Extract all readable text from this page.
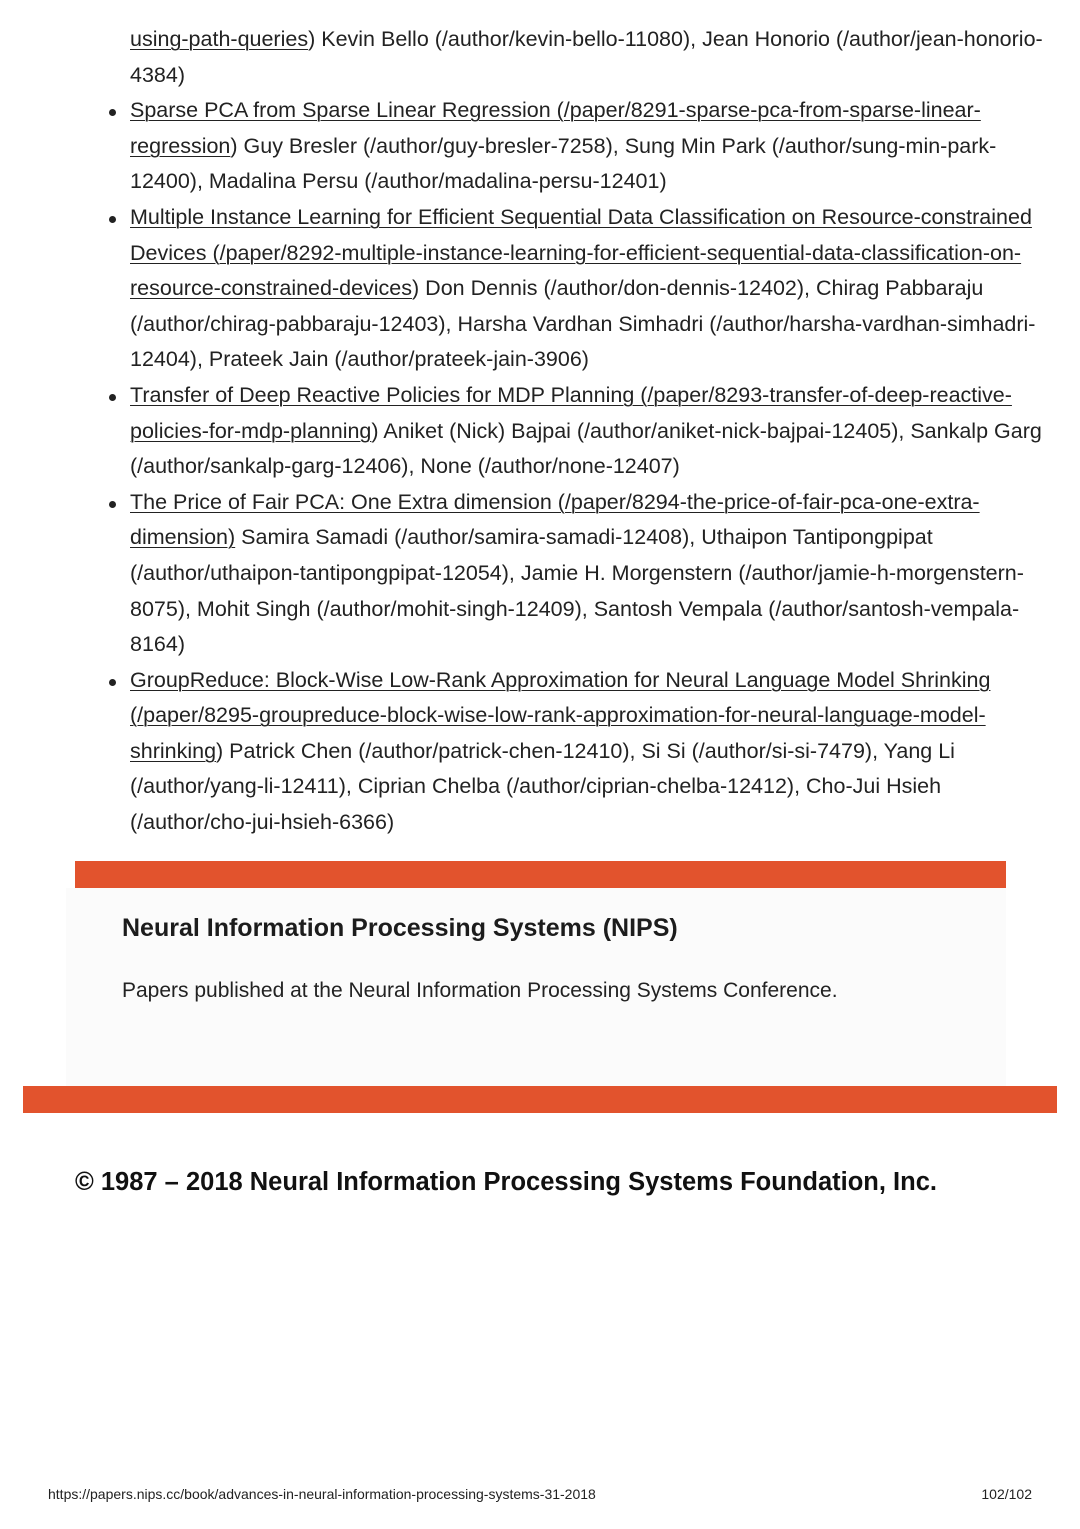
using-path-queries) Kevin Bello (/author/kevin-bello-11080), Jean Honorio (/author/jean-honorio-4384)
Sparse PCA from Sparse Linear Regression (/paper/8291-sparse-pca-from-sparse-linear-regression) Guy Bresler (/author/guy-bresler-7258), Sung Min Park (/author/sung-min-park-12400), Madalina Persu (/author/madalina-persu-12401)
Multiple Instance Learning for Efficient Sequential Data Classification on Resource-constrained Devices (/paper/8292-multiple-instance-learning-for-efficient-sequential-data-classification-on-resource-constrained-devices) Don Dennis (/author/don-dennis-12402), Chirag Pabbaraju (/author/chirag-pabbaraju-12403), Harsha Vardhan Simhadri (/author/harsha-vardhan-simhadri-12404), Prateek Jain (/author/prateek-jain-3906)
Transfer of Deep Reactive Policies for MDP Planning (/paper/8293-transfer-of-deep-reactive-policies-for-mdp-planning) Aniket (Nick) Bajpai (/author/aniket-nick-bajpai-12405), Sankalp Garg (/author/sankalp-garg-12406), None (/author/none-12407)
The Price of Fair PCA: One Extra dimension (/paper/8294-the-price-of-fair-pca-one-extra-dimension) Samira Samadi (/author/samira-samadi-12408), Uthaipon Tantipongpipat (/author/uthaipon-tantipongpipat-12054), Jamie H. Morgenstern (/author/jamie-h-morgenstern-8075), Mohit Singh (/author/mohit-singh-12409), Santosh Vempala (/author/santosh-vempala-8164)
GroupReduce: Block-Wise Low-Rank Approximation for Neural Language Model Shrinking (/paper/8295-groupreduce-block-wise-low-rank-approximation-for-neural-language-model-shrinking) Patrick Chen (/author/patrick-chen-12410), Si Si (/author/si-si-7479), Yang Li (/author/yang-li-12411), Ciprian Chelba (/author/ciprian-chelba-12412), Cho-Jui Hsieh (/author/cho-jui-hsieh-6366)
Neural Information Processing Systems (NIPS)

Papers published at the Neural Information Processing Systems Conference.

© 1987 – 2018 Neural Information Processing Systems Foundation, Inc.
https://papers.nips.cc/book/advances-in-neural-information-processing-systems-31-2018	102/102
